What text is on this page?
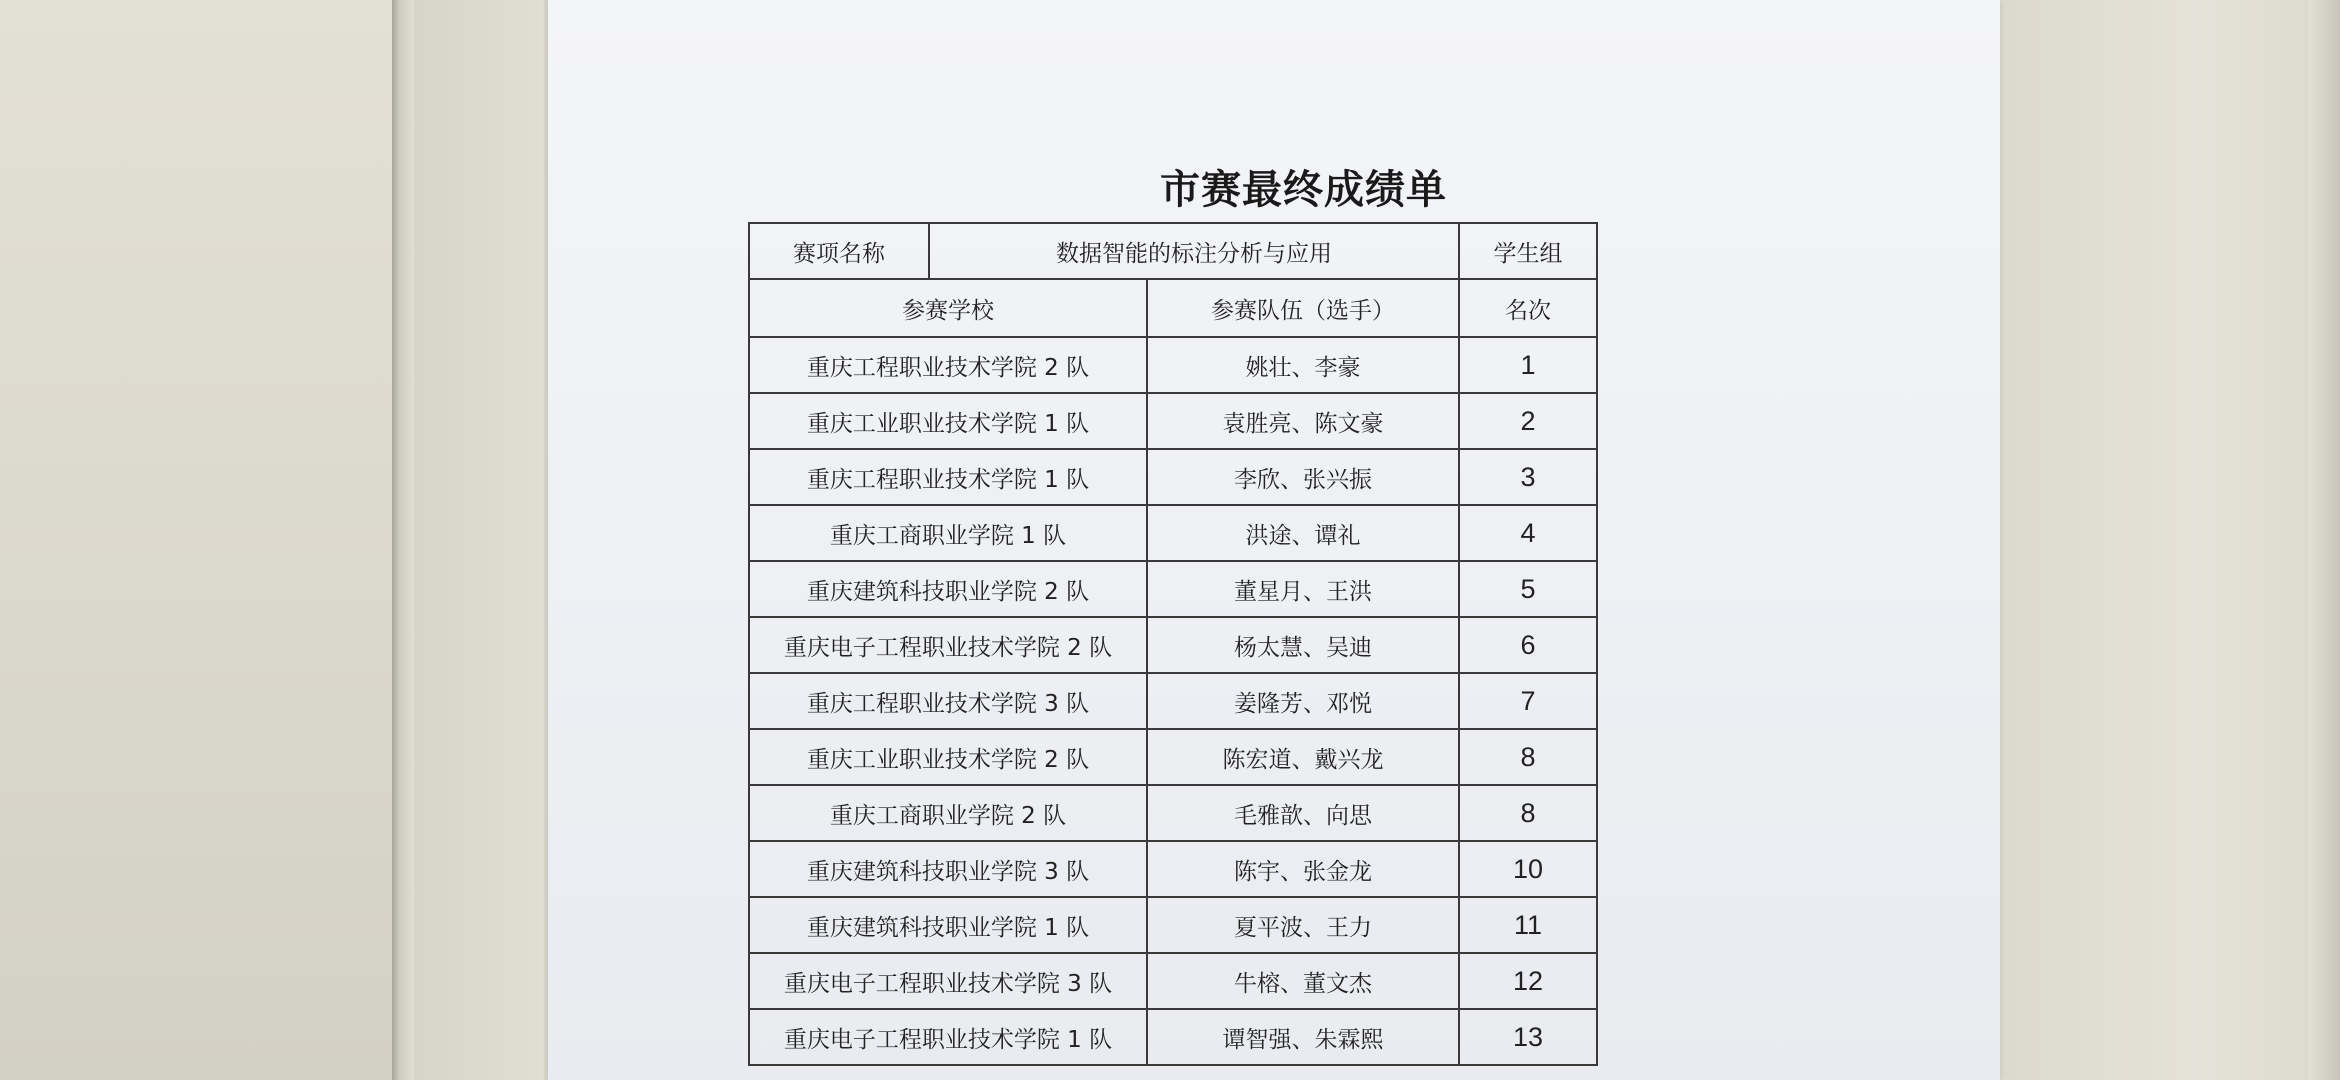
市赛最终成绩单
赛项名称	数据智能的标注分析与应用		学生组
参赛学校		参赛队伍（选手）	名次
重庆工程职业技术学院 2 队		姚壮、李豪	1
重庆工业职业技术学院 1 队		袁胜亮、陈文豪	2
重庆工程职业技术学院 1 队		李欣、张兴振	3
重庆工商职业学院 1 队		洪途、谭礼	4
重庆建筑科技职业学院 2 队		董星月、王洪	5
重庆电子工程职业技术学院 2 队		杨太慧、吴迪	6
重庆工程职业技术学院 3 队		姜隆芳、邓悦	7
重庆工业职业技术学院 2 队		陈宏道、戴兴龙	8
重庆工商职业学院 2 队		毛雅歆、向思	8
重庆建筑科技职业学院 3 队		陈宇、张金龙	10
重庆建筑科技职业学院 1 队		夏平波、王力	11
重庆电子工程职业技术学院 3 队		牛榕、董文杰	12
重庆电子工程职业技术学院 1 队		谭智强、朱霖熙	13
